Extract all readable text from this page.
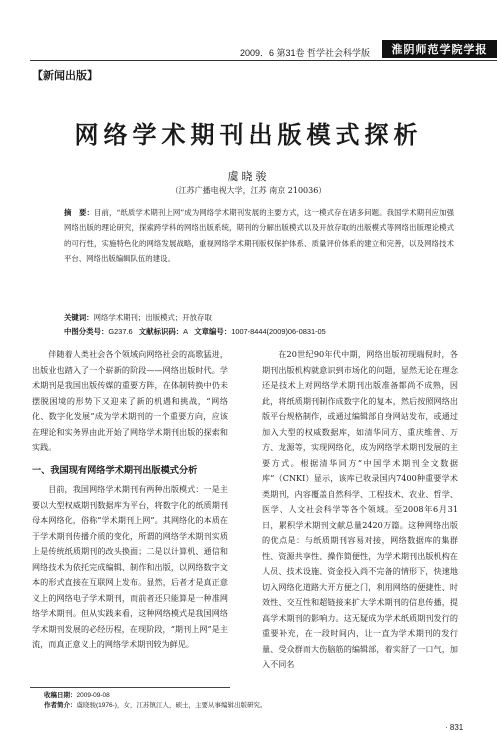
2009．6 第31卷 哲学社会科学版	淮阴师范学院学报
【新闻出版】
网络学术期刊出版模式探析
虞晓骏
（江苏广播电视大学，江苏 南京 210036）
摘　要：目前，“纸质学术期刊上网”成为网络学术期刊发展的主要方式，这一模式存在诸多问题。我国学术期刊应加强网络出版的理论研究，探索跨学科的网络出版系统，期刊的分解出版模式以及开放存取的出版模式等网络出版理论模式的可行性，实施特色化的网络发展战略，重视网络学术期刊版权保护体系、质量评价体系的建立和完善，以及网络技术平台、网络出版编辑队伍的建设。
关键词：网络学术期刊；出版模式；开放存取
中图分类号：G237.6 文献标识码：A 文章编号：1007-8444(2009)06-0831-05

伴随着人类社会各个领域向网络社会的高歌猛进，出版业也踏入了一个崭新的阶段——网络出版时代。学术期刊是我国出版传媒的重要方阵，在体制转换中仍未摆脱困境的形势下又迎来了新的机遇和挑战，“网络化、数字化发展”成为学术期刊的一个重要方向，应该在理论和实务界由此开始了网络学术期刊出版的探索和实践。

一、我国现有网络学术期刊出版模式分析

目前，我国网络学术期刊有两种出版模式：一是主要以大型权威期刊数据库为平台，将数字化的纸质期刊母本网络化，俗称“学术期刊上网”。其网络化的本质在于学术期刊传播介质的变化，所谓的网络学术期刊实质上是传统纸质期刊的改头换面；二是以计算机、通信和网络技术为依托完成编辑、制作和出版，以网络数字文本的形式直接在互联网上发布。显然，后者才是真正意义上的网络电子学术期刊，而前者还只能算是一种准网络学术期刊。但从实践来看，这种网络模式是我国网络学术期刊发展的必经历程，在现阶段，“期刊上网”是主流，而真正意义上的网络学术期刊较为鲜见。

在20世纪90年代中期，网络出版初现端倪时，各期刊出版机构就意识到市场化的问题，显然无论在理念还是技术上对网络学术期刊出版准备都尚不成熟，因此，将纸质期刊制作成数字化的复本，然后按照网络出版平台规格制作，或通过编辑部自身网站发布，或通过加入大型的权威数据库，如清华同方、重庆维普、万方、龙源等，实现网络化，成为网络学术期刊发展的主要方式。根据清华同方“中国学术期刊全文数据库”（CNKI）显示，该库已收录国内7400种重要学术类期刊，内容覆盖自然科学、工程技术、农业、哲学、医学、人文社会科学等各个领域。至2008年6月31日，累积学术期刊文献总量2420万篇。这种网络出版的优点是：与纸质期刊容易对接，网络数据库的集群性、资源共享性、操作简便性，为学术期刊出版机构在人员、技术设施、资金投入尚不完备的情形下，快速地切入网络化道路大开方便之门，利用网络的便捷性、时效性、交互性和超链接来扩大学术期刊的信息传播，提高学术期刊的影响力。这无疑成为学术纸质期刊发行的重要补充，在一段时间内，让一直为学术期刊的发行量、受众群而大伤脑筋的编辑部，着实舒了一口气，加入不同名

收稿日期：2009-09-08
作者简介：虞晓骏(1976-)，女，江苏镇江人，硕士，主要从事编辑出版研究。
· 831
